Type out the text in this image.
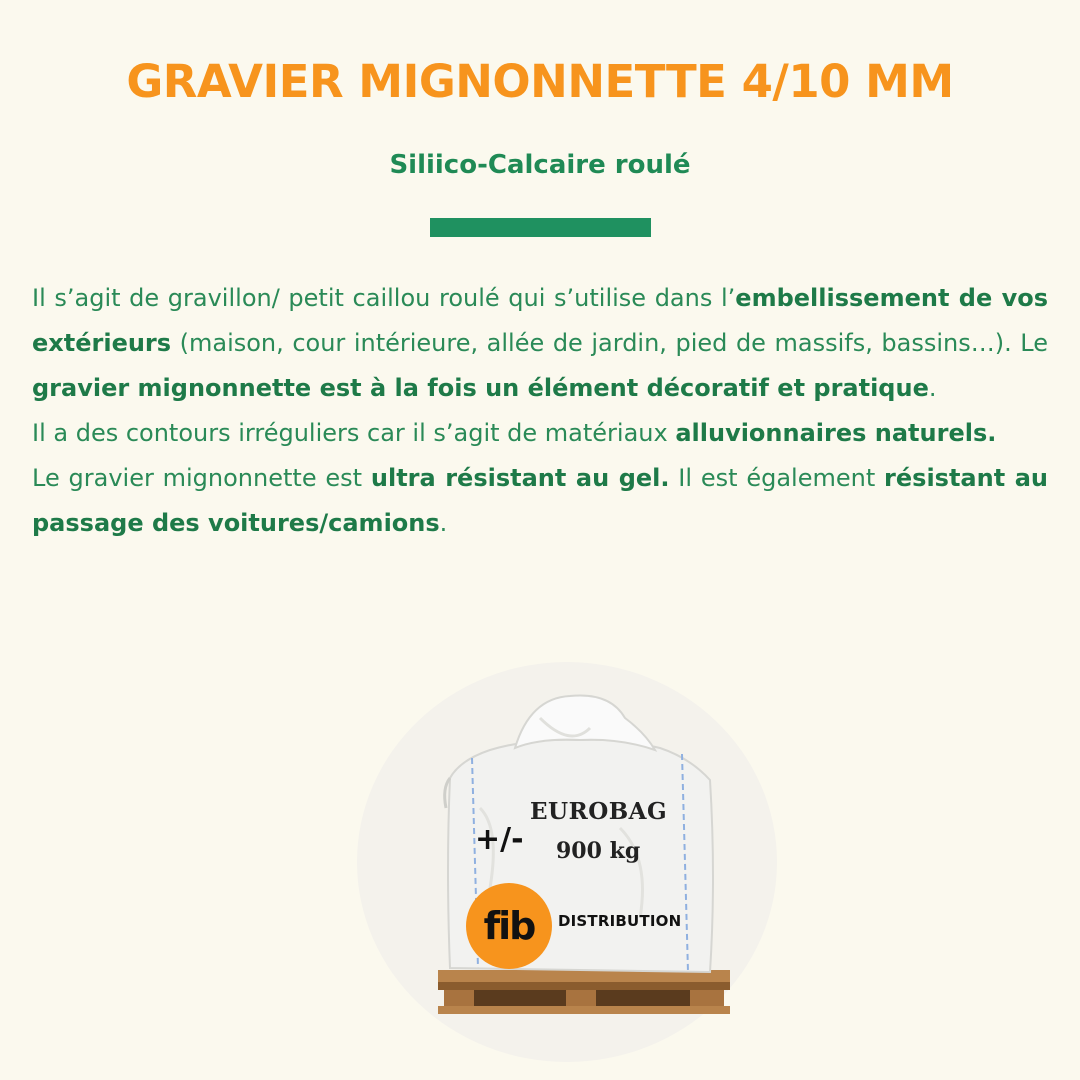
GRAVIER MIGNONNETTE 4/10 MM
Siliico-Calcaire roulé

Il s’agit de gravillon/ petit caillou roulé qui s’utilise dans l’embellissement de vos extérieurs (maison, cour intérieure, allée de jardin, pied de massifs, bassins…). Le gravier mignonnette est à la fois un élément décoratif et pratique.

Il a des contours irréguliers car il s’agit de matériaux alluvionnaires naturels.

Le gravier mignonnette est ultra résistant au gel. Il est également résistant au passage des voitures/camions.

+/-
EUROBAG
900 kg
fib	DISTRIBUTION
